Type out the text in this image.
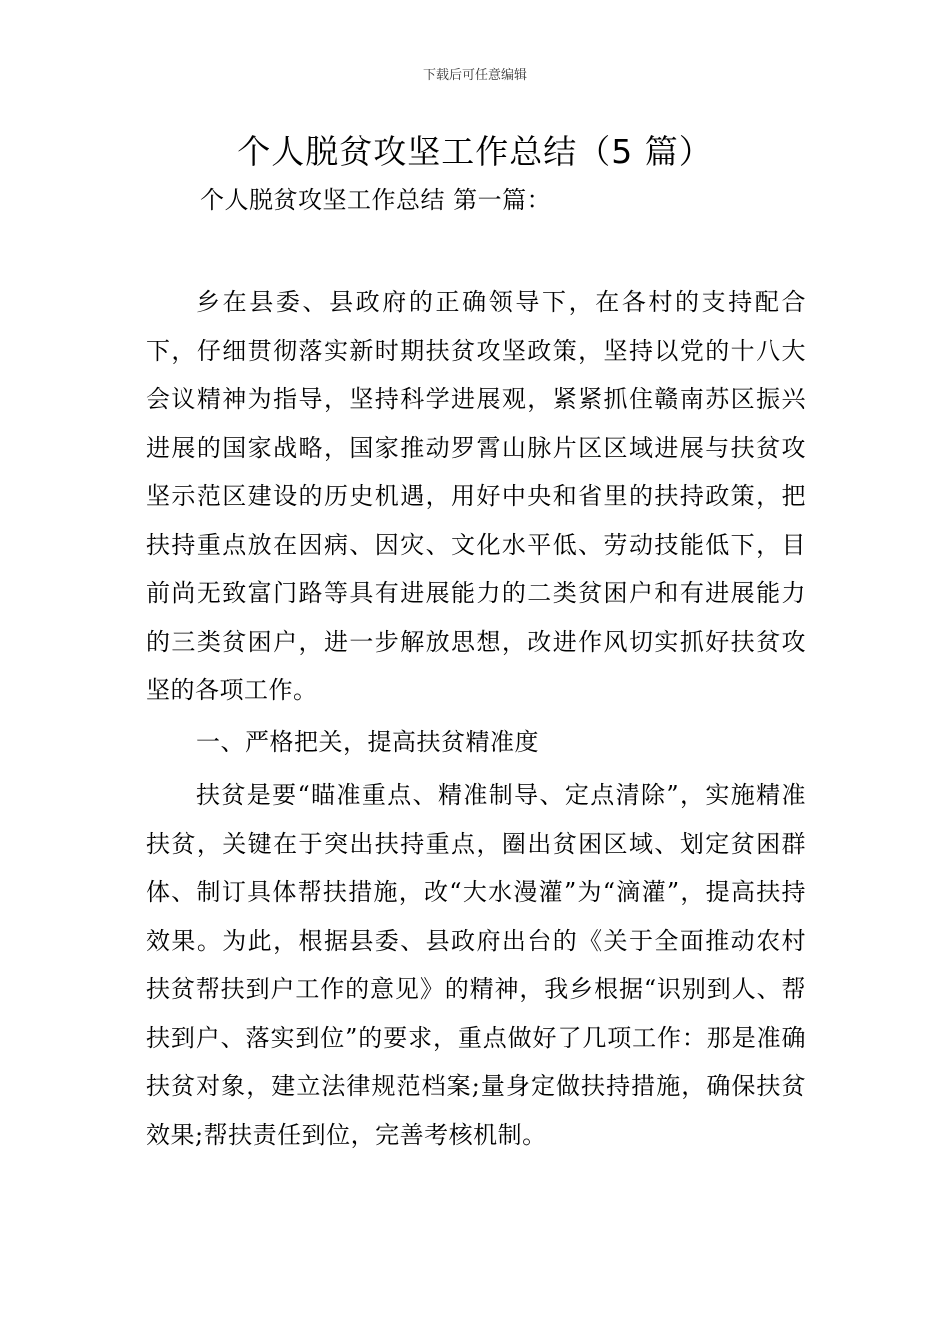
下载后可任意编辑
个人脱贫攻坚工作总结（5 篇）
个人脱贫攻坚工作总结 第一篇：

乡在县委、县政府的正确领导下，在各村的支持配合下，仔细贯彻落实新时期扶贫攻坚政策，坚持以党的十八大会议精神为指导，坚持科学进展观，紧紧抓住赣南苏区振兴进展的国家战略，国家推动罗霄山脉片区区域进展与扶贫攻坚示范区建设的历史机遇，用好中央和省里的扶持政策，把扶持重点放在因病、因灾、文化水平低、劳动技能低下，目前尚无致富门路等具有进展能力的二类贫困户和有进展能力的三类贫困户，进一步解放思想，改进作风切实抓好扶贫攻坚的各项工作。

一、严格把关，提高扶贫精准度

扶贫是要“瞄准重点、精准制导、定点清除”，实施精准扶贫，关键在于突出扶持重点，圈出贫困区域、划定贫困群体、制订具体帮扶措施，改“大水漫灌”为“滴灌”，提高扶持效果。为此，根据县委、县政府出台的《关于全面推动农村扶贫帮扶到户工作的意见》的精神，我乡根据“识别到人、帮扶到户、落实到位”的要求，重点做好了几项工作：那是准确扶贫对象，建立法律规范档案;量身定做扶持措施，确保扶贫效果;帮扶责任到位，完善考核机制。
